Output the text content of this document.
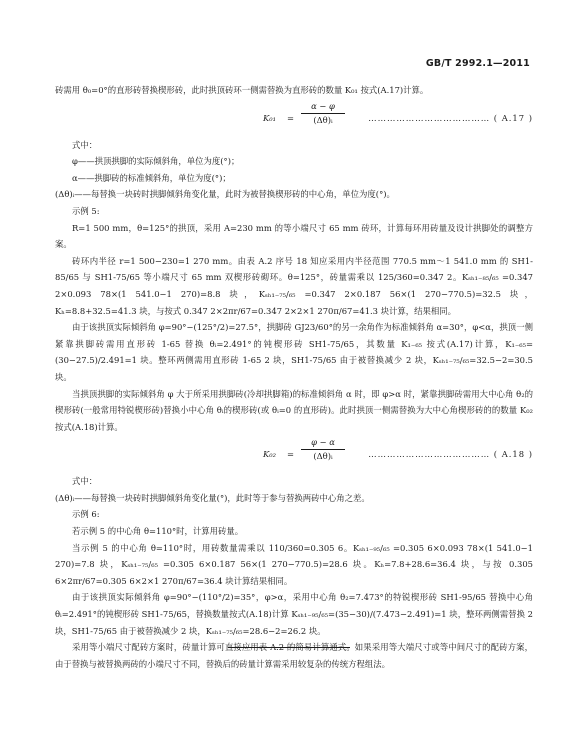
GB/T 2992.1—2011

砖需用 θ₀=0°的直形砖替换楔形砖，此时拱顶砖环一侧需替换为直形砖的数量 K₀₁ 按式(A.17)计算。

$K_{01} = \frac{\alpha - \varphi}{\text{(Δθ)ᵢ}}$	………………………………… ( A.17 )

式中：

φ——拱顶拱脚的实际倾斜角，单位为度(°)；

α——拱脚砖的标准倾斜角，单位为度(°)；

(Δθ)ᵢ——每替换一块砖时拱脚倾斜角变化量，此时为被替换楔形砖的中心角，单位为度(°)。

示例 5:

R=1 500 mm，θ=125°的拱顶，采用 A=230 mm 的等小端尺寸 65 mm 砖环，计算每环用砖量及设计拱脚处的调整方案。

砖环内半径 r=1 500−230=1 270 mm。由表 A.2 序号 18 知应采用内半径范围 770.5 mm～1 541.0 mm 的 SH1-85/65 与 SH1-75/65 等小端尺寸 65 mm 双楔形砖砌环。θ=125°，砖量需乘以 125/360=0.347 2。Kₛₕ₁₋₈₅/₆₅ =0.347 2×0.093 78×(1 541.0−1 270)=8.8 块，Kₛₕ₁₋₇₅/₆₅ =0.347 2×0.187 56×(1 270−770.5)=32.5 块，Kₕ=8.8+32.5=41.3 块，与按式 0.347 2×2πr/67=0.347 2×2×1 270π/67=41.3 块计算，结果相同。

由于该拱顶实际倾斜角 φ=90°−(125°/2)=27.5°，拱脚砖 GJ23/60°的另一余角作为标准倾斜角 α=30°，φ<α，拱顶一侧紧靠拱脚砖需用直形砖 1-65 替换 θᵢ=2.491°的钝楔形砖 SH1-75/65，其数量 K₁₋₆₅ 按式(A.17)计算，K₁₋₆₅=(30−27.5)/2.491=1 块。整环两侧需用直形砖 1-65 2 块，SH1-75/65 由于被替换减少 2 块，Kₛₕ₁₋₇₅/₆₅=32.5−2=30.5 块。

当拱顶拱脚的实际倾斜角 φ 大于所采用拱脚砖(冷却拱脚箱)的标准倾斜角 α 时，即 φ>α 时，紧靠拱脚砖需用大中心角 θ₂的楔形砖(一般常用特锐楔形砖)替换小中心角 θᵢ的楔形砖(或 θᵢ=0 的直形砖)。此时拱顶一侧需替换为大中心角楔形砖的的数量 K₀₂ 按式(A.18)计算。

$K_{02} = \frac{\varphi - \alpha}{\text{(Δθ)ᵢ}}$	………………………………… ( A.18 )

式中：

(Δθ)ᵢ——每替换一块砖时拱脚倾斜角变化量(°)，此时等于参与替换两砖中心角之差。

示例 6:

若示例 5 的中心角 θ=110°时，计算用砖量。

当示例 5 的中心角 θ=110°时，用砖数量需乘以 110/360=0.305 6。Kₛₕ₁₋₉₅/₆₅ =0.305 6×0.093 78×(1 541.0−1 270)=7.8 块，Kₛₕ₁₋₇₅/₆₅ =0.305 6×0.187 56×(1 270−770.5)=28.6 块。Kₕ=7.8+28.6=36.4 块，与按 0.305 6×2πr/67=0.305 6×2×1 270π/67=36.4 块计算结果相同。

由于该拱顶实际倾斜角 φ=90°−(110°/2)=35°，φ>α，采用中心角 θ₂=7.473°的特锐楔形砖 SH1-95/65 替换中心角 θᵢ=2.491°的钝楔形砖 SH1-75/65，替换数量按式(A.18)计算 Kₛₕ₁₋₉₅/₆₅=(35−30)/(7.473−2.491)=1 块，整环两侧需替换 2 块，SH1-75/65 由于被替换减少 2 块，Kₛₕ₁₋₇₅/₆₅=28.6−2=26.2 块。

采用等小端尺寸配砖方案时，砖量计算可直接应用表 A.2 的简易计算通式。如果采用等大端尺寸或等中间尺寸的配砖方案，由于替换与被替换两砖的小端尺寸不同，替换后的砖量计算需采用较复杂的传统方程组法。
